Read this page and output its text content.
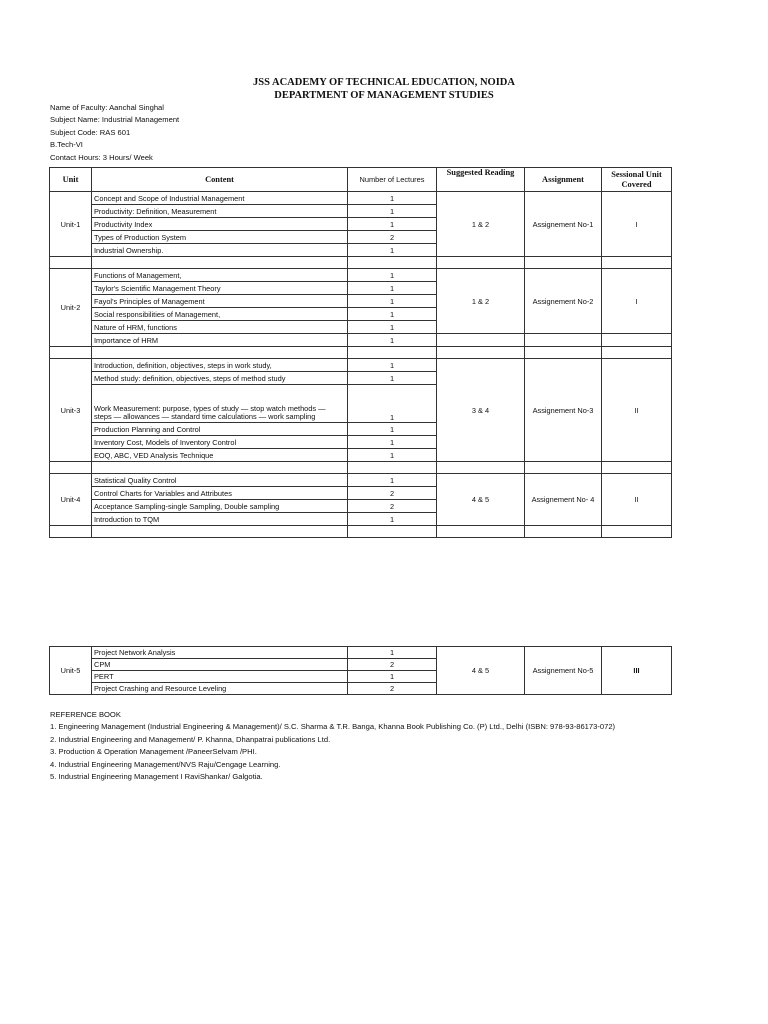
JSS ACADEMY OF TECHNICAL EDUCATION, NOIDA
DEPARTMENT OF MANAGEMENT STUDIES
Name of Faculty: Aanchal Singhal
Subject Name: Industrial Management
Subject Code: RAS 601
B.Tech-VI
Contact Hours: 3 Hours/ Week
Unit	Content	Number of Lectures	Suggested Reading	Assignment	Sessional Unit Covered
Unit-1	Concept and Scope of Industrial Management	1	1 & 2	Assignement No-1	I
	Productivity: Definition, Measurement	1			
	Productivity Index	1			
	Types of Production System	2			
	Industrial Ownership.	1			

Unit-2	Functions of Management,	1	1 & 2	Assignement No-2	I
	Taylor's Scientific Management Theory	1			
	Fayol's Principles of Management	1			
	Social responsibilities of Management,	1			
	Nature of HRM, functions	1			
	Importance of HRM	1			

Unit-3	Introduction, definition, objectives, steps in work study,	1	3 & 4	Assignement No-3	II
	Method study: definition, objectives, steps of method study	1			
	Work Measurement: purpose, types of study — stop watch methods — steps — allowances — standard time calculations — work sampling	1			
	Production Planning and Control	1			
	Inventory Cost, Models of Inventory Control	1			
	EOQ, ABC, VED Analysis Technique	1			

Unit-4	Statistical Quality Control	1	4 & 5	Assignement No- 4	II
	Control Charts for Variables and Attributes	2			
	Acceptance Sampling-single Sampling, Double sampling	2			
	Introduction to TQM	1			

Unit-5	Project Network Analysis	1	4 & 5	Assignement No-5	III
	CPM	2			
	PERT	1			
	Project Crashing and Resource Leveling	2			
REFERENCE BOOK
1. Engineering Management (Industrial Engineering & Management)/ S.C. Sharma & T.R. Banga, Khanna Book Publishing Co. (P) Ltd., Delhi (ISBN: 978-93-86173-072)
2. Industrial Engineering and Management/ P. Khanna, Dhanpatrai publications Ltd.
3. Production & Operation Management /PaneerSelvam /PHI.
4. Industrial Engineering Management/NVS Raju/Cengage Learning.
5. Industrial Engineering Management I RaviShankar/ Galgotia.
